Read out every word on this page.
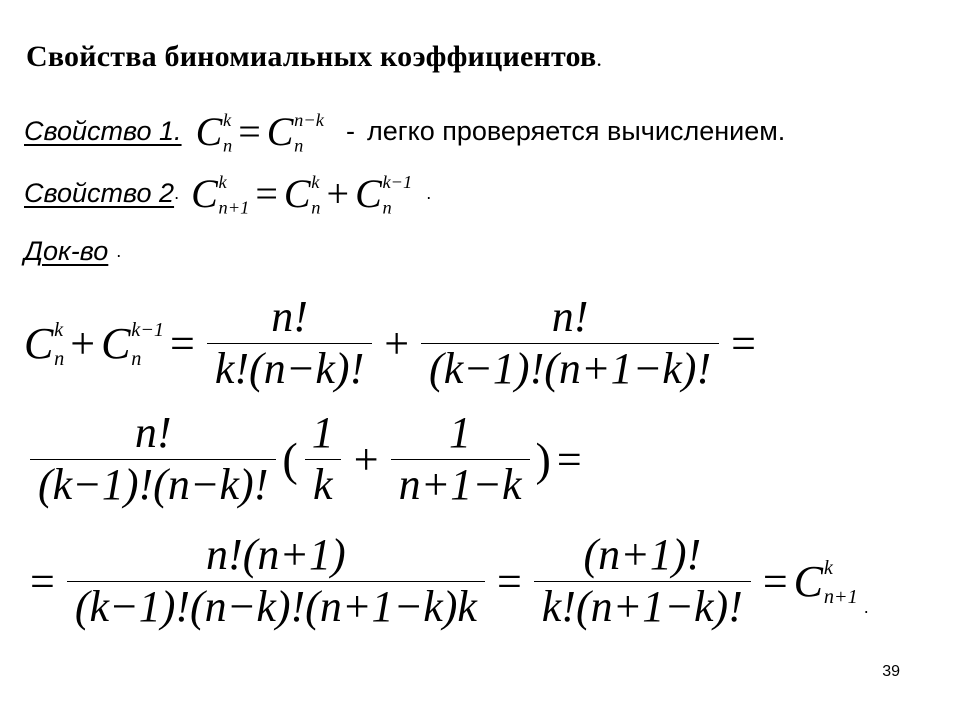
Свойства биномиальных коэффициентов.
Свойство 1. C k
n = C n−k
n	- легко проверяется вычислением.
Свойство 2 . C k
n+1 = C k
n + C k−1
n
.
Док-во .
C k
n + C k−1
$n = \frac{n!}{k!(n-k)!} + \frac{n!}{(k-1)!(n+1-k)!}$ =
$\frac{n!}{(k-1)!(n-k)!}$ ( $\frac{1}{k} + \frac{1}{n+1-k}$ ) =
= $\frac{n!(n+1)}{(k-1)!(n-k)!(n+1-k)k} = \frac{(n+1)!}{k!(n+1-k)!} = C$ k
n+1 .
39
